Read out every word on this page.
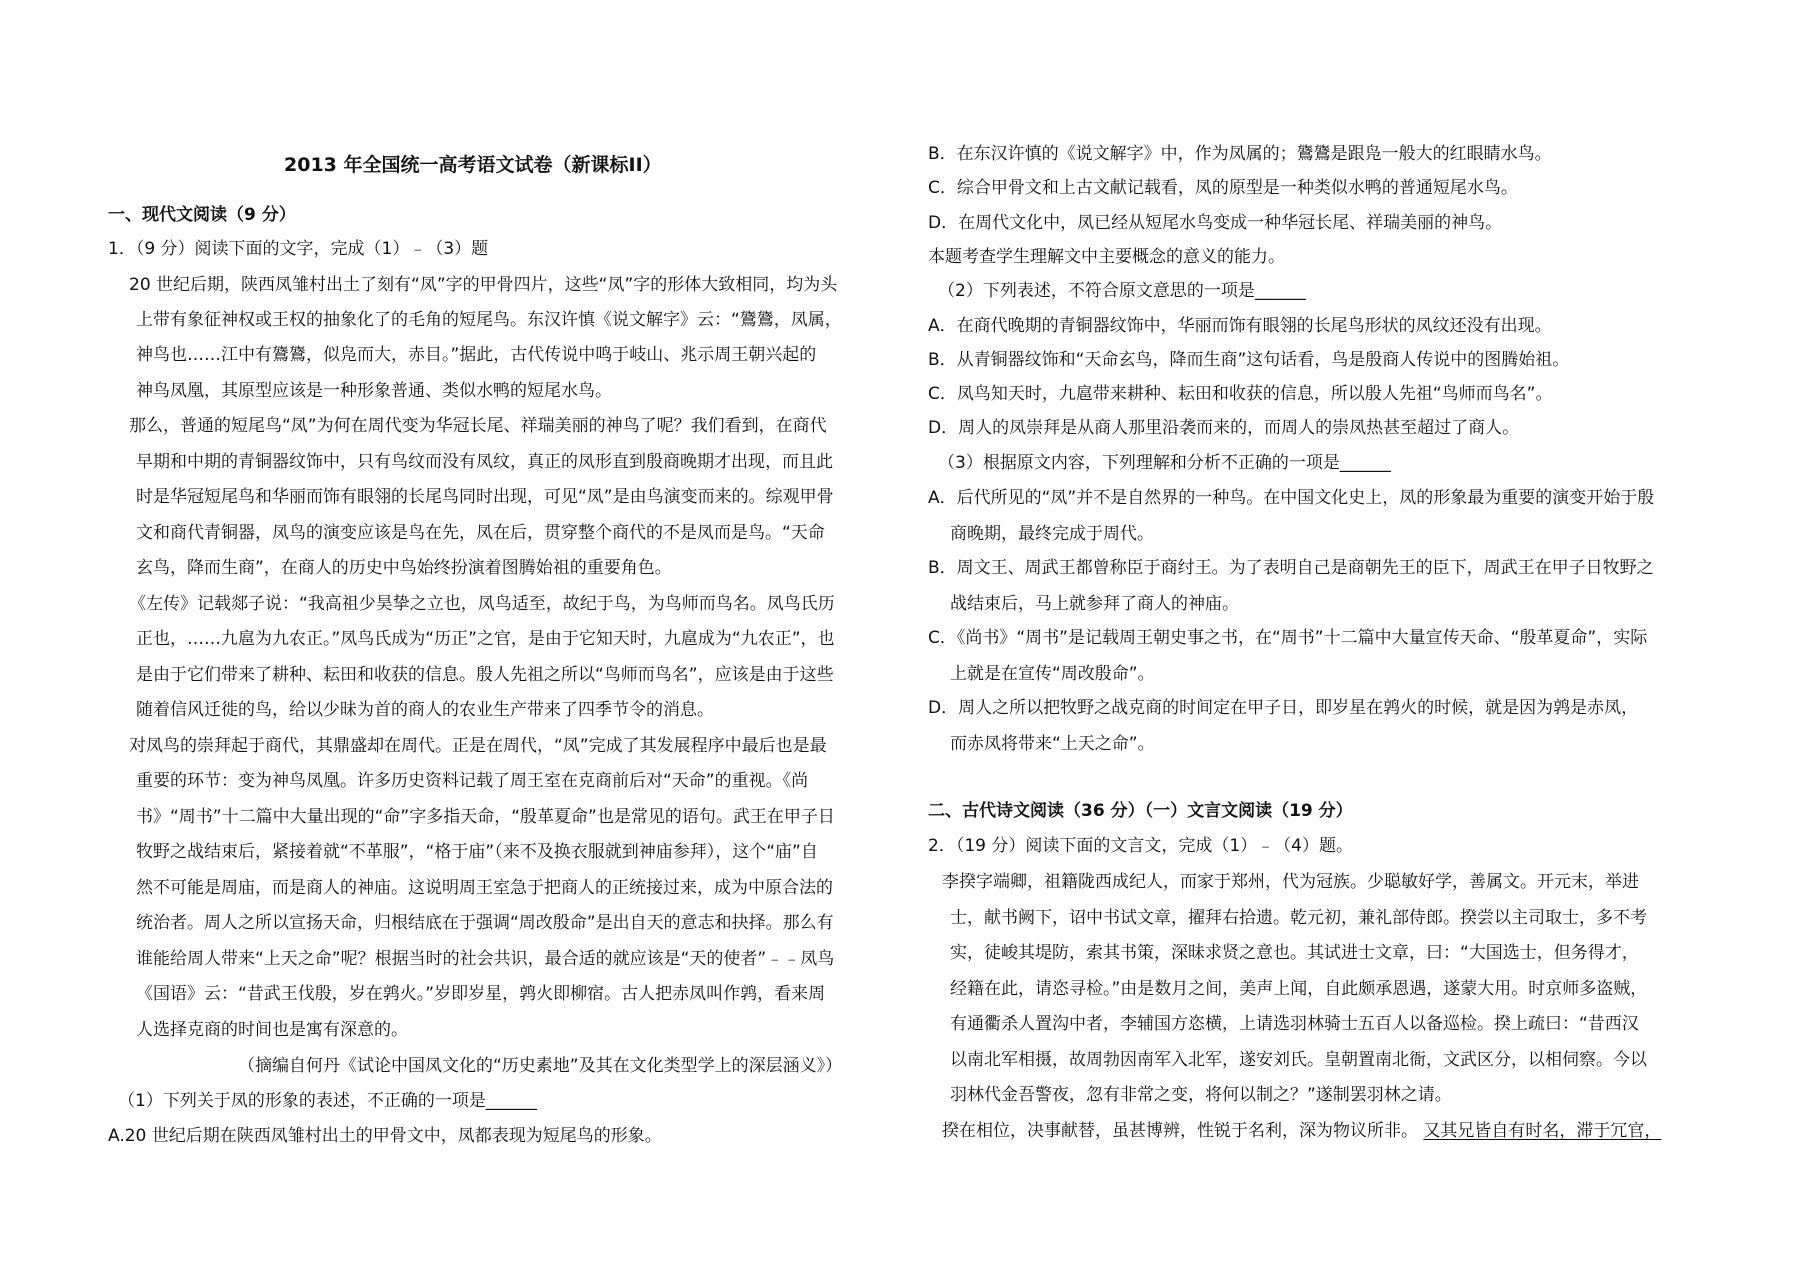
2013 年全国统一高考语文试卷（新课标II）
一、现代文阅读（9 分）
1．（9 分）阅读下面的文字，完成（1）﹣（3）题
20 世纪后期，陕西凤雏村出土了刻有“凤”字的甲骨四片，这些“凤”字的形体大致相同，均为头
上带有象征神权或王权的抽象化了的毛角的短尾鸟。东汉许慎《说文解字》云：“鷟鷟，凤属，
神鸟也……江中有鷟鷟，似凫而大，赤目。”据此，古代传说中鸣于岐山、兆示周王朝兴起的
神鸟凤凰，其原型应该是一种形象普通、类似水鸭的短尾水鸟。
那么，普通的短尾鸟“凤”为何在周代变为华冠长尾、祥瑞美丽的神鸟了呢？我们看到，在商代
早期和中期的青铜器纹饰中，只有鸟纹而没有凤纹，真正的凤形直到殷商晚期才出现，而且此
时是华冠短尾鸟和华丽而饰有眼翎的长尾鸟同时出现，可见“凤”是由鸟演变而来的。综观甲骨
文和商代青铜器，凤鸟的演变应该是鸟在先，凤在后，贯穿整个商代的不是凤而是鸟。“天命
玄鸟，降而生商”，在商人的历史中鸟始终扮演着图腾始祖的重要角色。
《左传》记载郯子说：“我高祖少昊挚之立也，凤鸟适至，故纪于鸟，为鸟师而鸟名。凤鸟氏历
正也，……九扈为九农正。”凤鸟氏成为“历正”之官，是由于它知天时，九扈成为“九农正”，也
是由于它们带来了耕种、耘田和收获的信息。殷人先祖之所以“鸟师而鸟名”，应该是由于这些
随着信风迁徙的鸟，给以少昧为首的商人的农业生产带来了四季节令的消息。
对凤鸟的崇拜起于商代，其鼎盛却在周代。正是在周代，“凤”完成了其发展程序中最后也是最
重要的环节：变为神鸟凤凰。许多历史资料记载了周王室在克商前后对“天命”的重视。《尚
书》“周书”十二篇中大量出现的“命”字多指天命，“殷革夏命”也是常见的语句。武王在甲子日
牧野之战结束后，紧接着就“不革服”，“格于庙”（来不及换衣服就到神庙参拜），这个“庙”自
然不可能是周庙，而是商人的神庙。这说明周王室急于把商人的正统接过来，成为中原合法的
统治者。周人之所以宣扬天命，归根结底在于强调“周改殷命”是出自天的意志和抉择。那么有
谁能给周人带来“上天之命”呢？根据当时的社会共识，最合适的就应该是“天的使者”﹣﹣凤鸟
《国语》云：“昔武王伐殷，岁在鹑火。”岁即岁星，鹑火即柳宿。古人把赤凤叫作鹑，看来周
人选择克商的时间也是寓有深意的。
（摘编自何丹《试论中国凤文化的“历史素地”及其在文化类型学上的深层涵义》）
（1）下列关于凤的形象的表述，不正确的一项是______
A.20 世纪后期在陕西凤雏村出土的甲骨文中，凤都表现为短尾鸟的形象。
B．在东汉许慎的《说文解字》中，作为凤属的；鷟鷟是跟凫一般大的红眼睛水鸟。
C．综合甲骨文和上古文献记载看，凤的原型是一种类似水鸭的普通短尾水鸟。
D．在周代文化中，凤已经从短尾水鸟变成一种华冠长尾、祥瑞美丽的神鸟。
本题考查学生理解文中主要概念的意义的能力。
（2）下列表述，不符合原文意思的一项是______
A．在商代晚期的青铜器纹饰中，华丽而饰有眼翎的长尾鸟形状的凤纹还没有出现。
B．从青铜器纹饰和“天命玄鸟，降而生商”这句话看，鸟是殷商人传说中的图腾始祖。
C．凤鸟知天时，九扈带来耕种、耘田和收获的信息，所以殷人先祖“鸟师而鸟名”。
D．周人的凤崇拜是从商人那里沿袭而来的，而周人的崇凤热甚至超过了商人。
（3）根据原文内容，下列理解和分析不正确的一项是______
A．后代所见的“凤”并不是自然界的一种鸟。在中国文化史上，凤的形象最为重要的演变开始于殷
商晚期，最终完成于周代。
B．周文王、周武王都曾称臣于商纣王。为了表明自己是商朝先王的臣下，周武王在甲子日牧野之
战结束后，马上就参拜了商人的神庙。
C．《尚书》“周书”是记载周王朝史事之书，在“周书”十二篇中大量宣传天命、“殷革夏命”，实际
上就是在宣传“周改殷命”。
D．周人之所以把牧野之战克商的时间定在甲子日，即岁星在鹑火的时候，就是因为鹑是赤凤，
而赤凤将带来“上天之命”。
二、古代诗文阅读（36 分）（一）文言文阅读（19 分）
2．（19 分）阅读下面的文言文，完成（1）﹣（4）题。
李揆字端卿，祖籍陇西成纪人，而家于郑州，代为冠族。少聪敏好学，善属文。开元末，举进
士，献书阙下，诏中书试文章，擢拜右拾遗。乾元初，兼礼部侍郎。揆尝以主司取士，多不考
实，徒峻其堤防，索其书策，深昧求贤之意也。其试进士文章，曰：“大国选士，但务得才，
经籍在此，请恣寻检。”由是数月之间，美声上闻，自此颇承恩遇，遂蒙大用。时京师多盗贼，
有通衢杀人置沟中者，李辅国方恣横，上请选羽林骑士五百人以备巡检。揆上疏曰：“昔西汉
以南北军相摄，故周勃因南军入北军，遂安刘氏。皇朝置南北衙，文武区分，以相伺察。今以
羽林代金吾警夜，忽有非常之变，将何以制之？”遂制罢羽林之请。
揆在相位，决事献替，虽甚博辨，性锐于名利，深为物议所非。 又其兄皆自有时名，滞于冗官，
